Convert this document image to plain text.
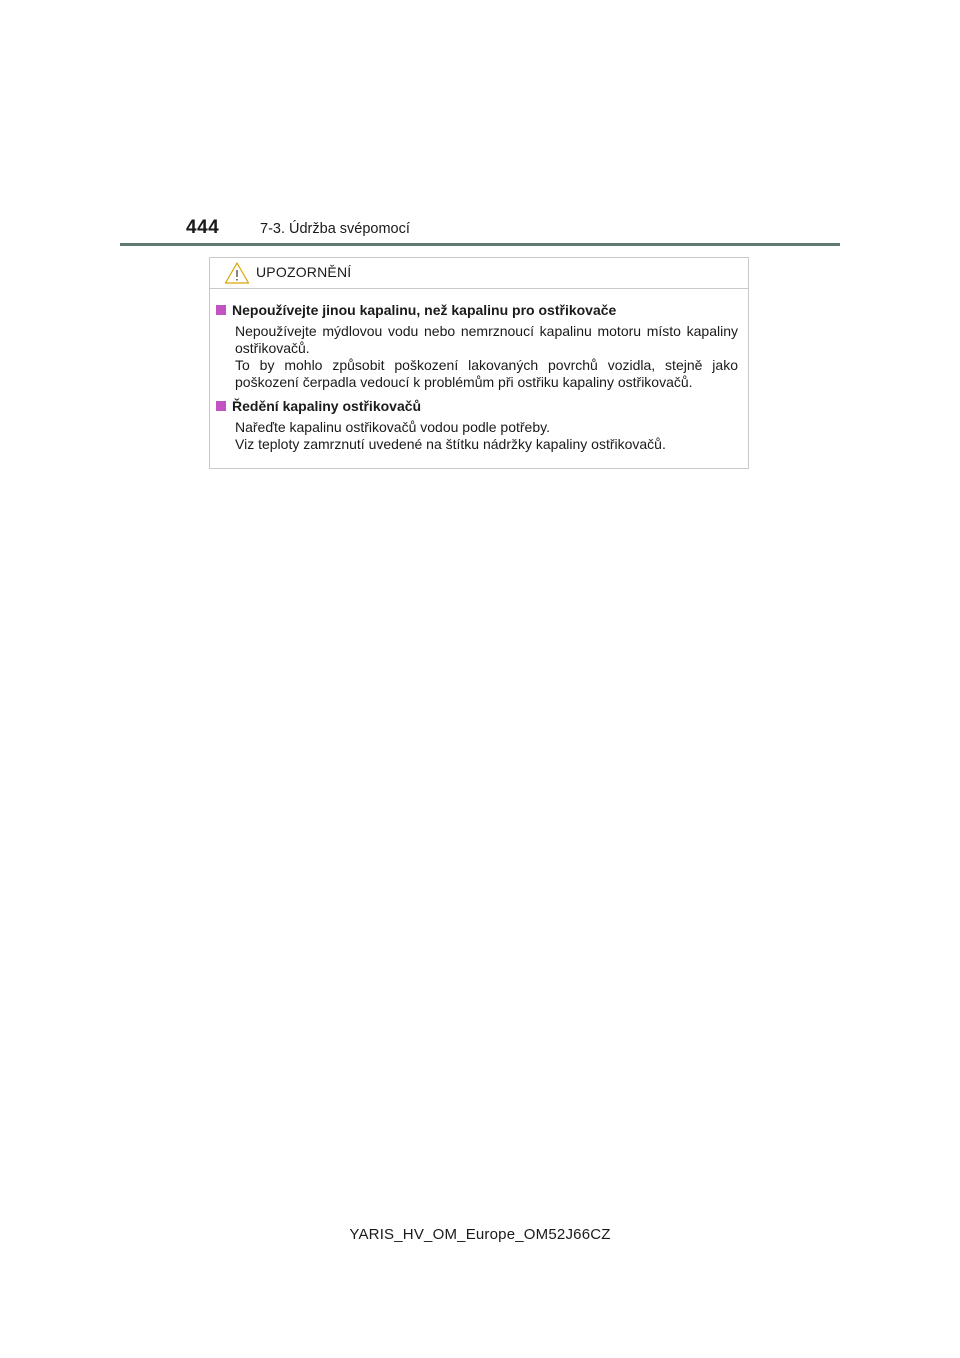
444	7-3. Údržba svépomocí
UPOZORNĚNÍ
Nepoužívejte jinou kapalinu, než kapalinu pro ostřikovače

Nepoužívejte mýdlovou vodu nebo nemrznoucí kapalinu motoru místo kapaliny ostřikovačů.

To by mohlo způsobit poškození lakovaných povrchů vozidla, stejně jako poškození čerpadla vedoucí k problémům při ostřiku kapaliny ostřikovačů.

Ředění kapaliny ostřikovačů

Nařeďte kapalinu ostřikovačů vodou podle potřeby.

Viz teploty zamrznutí uvedené na štítku nádržky kapaliny ostřikovačů.

YARIS_HV_OM_Europe_OM52J66CZ
